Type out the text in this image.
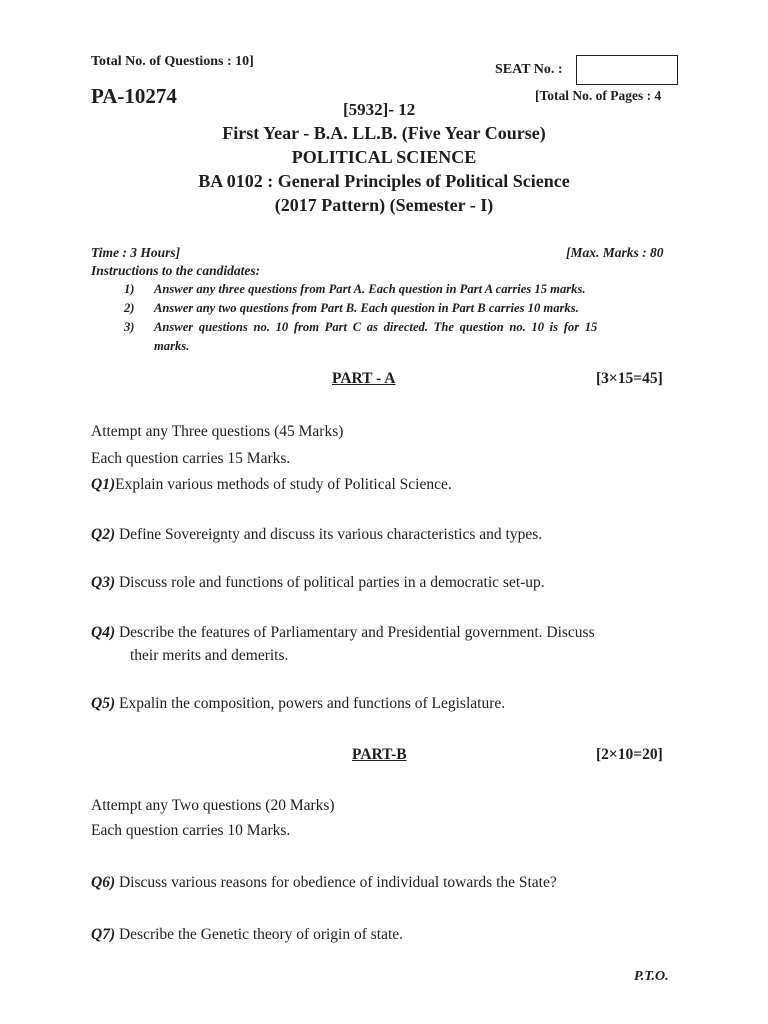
Total No. of Questions : 10]
SEAT No. :
PA-10274	[Total No. of Pages : 4
[5932]- 12
First Year - B.A. LL.B. (Five Year Course)
POLITICAL SCIENCE
BA 0102 : General Principles of Political Science
(2017 Pattern) (Semester - I)
Time : 3 Hours]	[Max. Marks : 80
Instructions to the candidates:
1) Answer any three questions from Part A. Each question in Part A carries 15 marks.
2) Answer any two questions from Part B. Each question in Part B carries 10 marks.
3) Answer questions no. 10 from Part C as directed. The question no. 10 is for 15
marks.
PART - A	[3×15=45]
Attempt any Three questions (45 Marks)
Each question carries 15 Marks.
Q1)Explain various methods of study of Political Science.
Q2) Define Sovereignty and discuss its various characteristics and types.
Q3) Discuss role and functions of political parties in a democratic set-up.
Q4) Describe the features of Parliamentary and Presidential government. Discuss
their merits and demerits.
Q5) Expalin the composition, powers and functions of Legislature.
PART-B	[2×10=20]
Attempt any Two questions (20 Marks)
Each question carries 10 Marks.
Q6) Discuss various reasons for obedience of individual towards the State?
Q7) Describe the Genetic theory of origin of state.
P.T.O.
